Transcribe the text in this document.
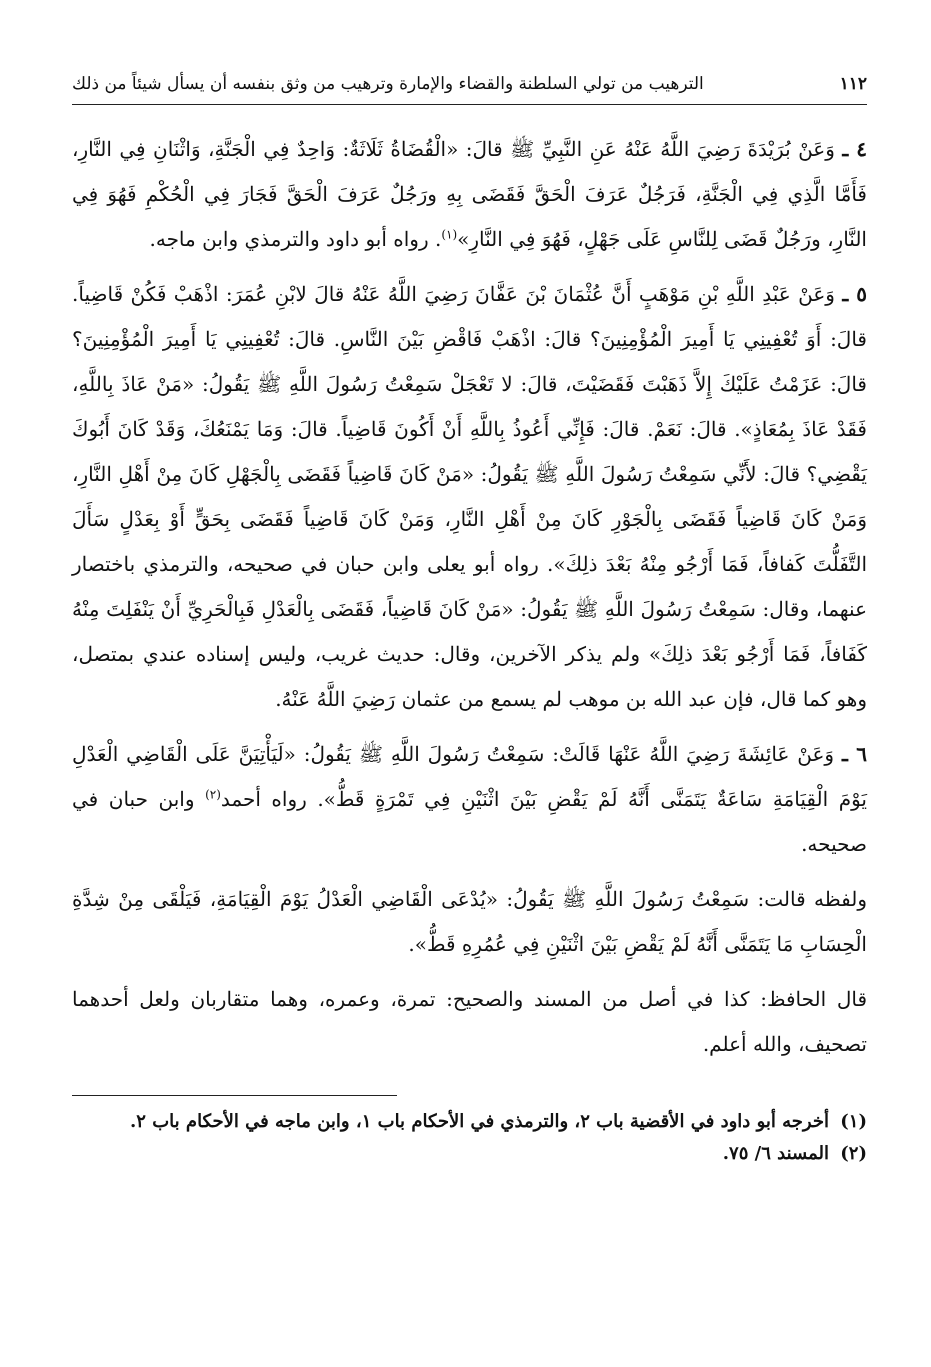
١١٢
الترهيب من تولي السلطنة والقضاء والإمارة وترهيب من وثق بنفسه أن يسأل شيئاً من ذلك

٤ ـ وَعَنْ بُرَيْدَةَ رَضِيَ اللَّهُ عَنْهُ عَنِ النَّبِيِّ ﷺ قالَ: «الْقُضَاةُ ثَلَاثَةٌ: وَاحِدٌ فِي الْجَنَّةِ، وَاثْنَانِ فِي النَّارِ، فَأَمَّا الَّذِي فِي الْجَنَّةِ، فَرَجُلٌ عَرَفَ الْحَقَّ فَقَضَى بِهِ ورَجُلٌ عَرَفَ الْحَقَّ فَجَارَ فِي الْحُكْمِ فَهُوَ فِي النَّارِ، ورَجُلٌ قَضَى لِلنَّاسِ عَلَى جَهْلٍ، فَهُوَ فِي النَّارِ»$^{(١)}$. رواه أبو داود والترمذي وابن ماجه.

٥ ـ وَعَنْ عَبْدِ اللَّهِ بْنِ مَوْهَبٍ أَنَّ عُثْمَانَ بْنَ عَفَّانَ رَضِيَ اللَّهُ عَنْهُ قالَ لابْنِ عُمَرَ: اذْهَبْ فَكُنْ قَاضِياً. قالَ: أَوَ تُعْفِينِي يَا أَمِيرَ الْمُؤْمِنِينَ؟ قالَ: اذْهَبْ فَاقْضِ بَيْنَ النَّاسِ. قالَ: تُعْفِينِي يَا أَمِيرَ الْمُؤْمِنِينَ؟ قالَ: عَزَمْتُ عَلَيْكَ إِلاَّ ذَهَبْتَ فَقَضَيْتَ، قالَ: لا تَعْجَلْ سَمِعْتُ رَسُولَ اللَّهِ ﷺ يَقُولُ: «مَنْ عَاذَ بِاللَّهِ، فَقَدْ عَاذَ بِمُعَاذٍ». قالَ: نَعَمْ. قالَ: فَإِنِّي أَعُوذُ بِاللَّهِ أَنْ أَكُونَ قَاضِياً. قالَ: وَمَا يَمْنَعُكَ، وَقَدْ كَانَ أَبُوكَ يَقْضِي؟ قالَ: لأَنِّي سَمِعْتُ رَسُولَ اللَّهِ ﷺ يَقُولُ: «مَنْ كَانَ قَاضِياً فَقَضَى بِالْجَهْلِ كَانَ مِنْ أَهْلِ النَّارِ، وَمَنْ كَانَ قَاضِياً فَقَضَى بِالْجَوْرِ كَانَ مِنْ أَهْلِ النَّارِ، وَمَنْ كَانَ قَاضِياً فَقَضَى بِحَقٍّ أَوْ بِعَدْلٍ سَأَلَ التَّفَلُّتَ كَفافاً، فَمَا أَرْجُو مِنْهُ بَعْدَ ذلِكَ». رواه أبو يعلى وابن حبان في صحيحه، والترمذي باختصار عنهما، وقال: سَمِعْتُ رَسُولَ اللَّهِ ﷺ يَقُولُ: «مَنْ كَانَ قَاضِياً، فَقَضَى بِالْعَدْلِ فَبِالْحَرِيِّ أَنْ يَنْفَلِتَ مِنْهُ كَفَافاً، فَمَا أَرْجُو بَعْدَ ذلِكَ» ولم يذكر الآخرين، وقال: حديث غريب، وليس إسناده عندي بمتصل، وهو كما قال، فإن عبد الله بن موهب لم يسمع من عثمان رَضِيَ اللَّهُ عَنْهُ.

٦ ـ وَعَنْ عَائِشَةَ رَضِيَ اللَّهُ عَنْهَا قَالَتْ: سَمِعْتُ رَسُولَ اللَّهِ ﷺ يَقُولُ: «لَيَأْتِيَنَّ عَلَى الْقَاضِي الْعَدْلِ يَوْمَ الْقِيَامَةِ سَاعَةٌ يَتَمَنَّى أَنَّهُ لَمْ يَقْضِ بَيْنَ اثْنَيْنِ فِي تَمْرَةٍ قَطُّ». رواه أحمد$^{(٢)}$ وابن حبان في صحيحه.

ولفظه قالت: سَمِعْتُ رَسُولَ اللَّهِ ﷺ يَقُولُ: «يُدْعَى الْقَاضِي الْعَدْلُ يَوْمَ الْقِيَامَةِ، فَيَلْقَى مِنْ شِدَّةِ الْحِسَابِ مَا يَتَمَنَّى أَنَّهُ لَمْ يَقْضِ بَيْنَ اثْنَيْنِ فِي عُمُرِهِ قَطُّ».

قال الحافظ: كذا في أصل من المسند والصحيح: تمرة، وعمره، وهما متقاربان ولعل أحدهما تصحيف، والله أعلم.

(١)
أخرجه أبو داود في الأقضية باب ٢، والترمذي في الأحكام باب ١، وابن ماجه في الأحكام باب ٢.
(٢)
المسند ٦/ ٧٥.
